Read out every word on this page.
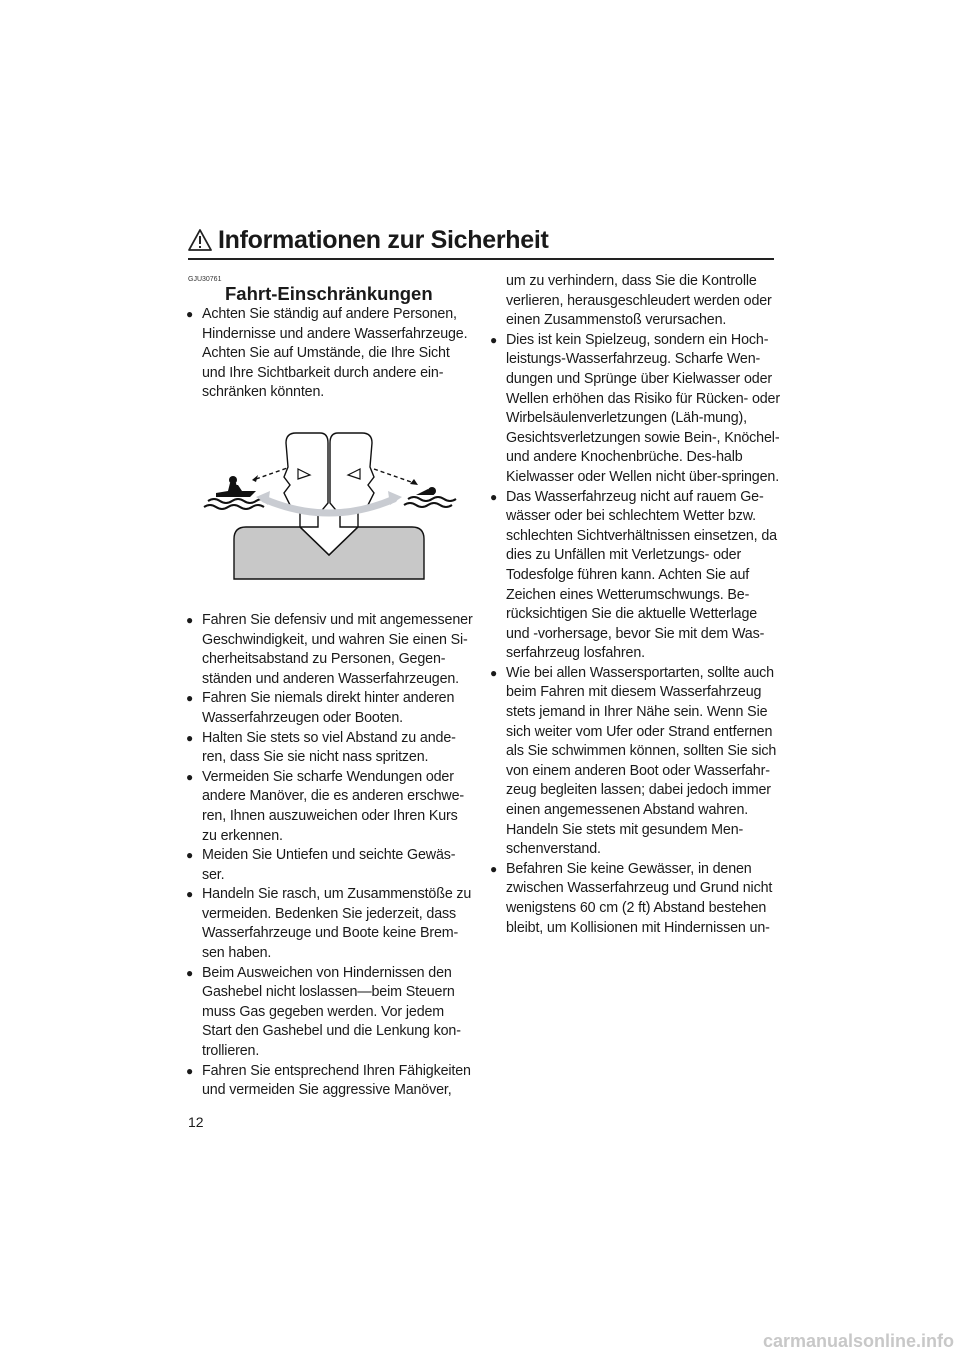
Informationen zur Sicherheit
GJU30761
Fahrt-Einschränkungen
● Achten Sie ständig auf andere Personen, Hindernisse und andere Wasserfahrzeuge. Achten Sie auf Umstände, die Ihre Sicht und Ihre Sichtbarkeit durch andere ein-schränken könnten.
● Fahren Sie defensiv und mit angemessener Geschwindigkeit, und wahren Sie einen Si-cherheitsabstand zu Personen, Gegen-ständen und anderen Wasserfahrzeugen.
● Fahren Sie niemals direkt hinter anderen Wasserfahrzeugen oder Booten.
● Halten Sie stets so viel Abstand zu ande-ren, dass Sie sie nicht nass spritzen.
● Vermeiden Sie scharfe Wendungen oder andere Manöver, die es anderen erschwe-ren, Ihnen auszuweichen oder Ihren Kurs zu erkennen.
● Meiden Sie Untiefen und seichte Gewäs-ser.
● Handeln Sie rasch, um Zusammenstöße zu vermeiden. Bedenken Sie jederzeit, dass Wasserfahrzeuge und Boote keine Brem-sen haben.
● Beim Ausweichen von Hindernissen den Gashebel nicht loslassen—beim Steuern muss Gas gegeben werden. Vor jedem Start den Gashebel und die Lenkung kon-trollieren.
● Fahren Sie entsprechend Ihren Fähigkeiten und vermeiden Sie aggressive Manöver,
um zu verhindern, dass Sie die Kontrolle verlieren, herausgeschleudert werden oder einen Zusammenstoß verursachen.
● Dies ist kein Spielzeug, sondern ein Hoch-leistungs-Wasserfahrzeug. Scharfe Wen-dungen und Sprünge über Kielwasser oder Wellen erhöhen das Risiko für Rücken- oder Wirbelsäulenverletzungen (Läh-mung), Gesichtsverletzungen sowie Bein-, Knöchel- und andere Knochenbrüche. Des-halb Kielwasser oder Wellen nicht über-springen.
● Das Wasserfahrzeug nicht auf rauem Ge-wässer oder bei schlechtem Wetter bzw. schlechten Sichtverhältnissen einsetzen, da dies zu Unfällen mit Verletzungs- oder Todesfolge führen kann. Achten Sie auf Zeichen eines Wetterumschwungs. Be-rücksichtigen Sie die aktuelle Wetterlage und -vorhersage, bevor Sie mit dem Was-serfahrzeug losfahren.
● Wie bei allen Wassersportarten, sollte auch beim Fahren mit diesem Wasserfahrzeug stets jemand in Ihrer Nähe sein. Wenn Sie sich weiter vom Ufer oder Strand entfernen als Sie schwimmen können, sollten Sie sich von einem anderen Boot oder Wasserfahr-zeug begleiten lassen; dabei jedoch immer einen angemessenen Abstand wahren. Handeln Sie stets mit gesundem Men-schenverstand.
● Befahren Sie keine Gewässer, in denen zwischen Wasserfahrzeug und Grund nicht wenigstens 60 cm (2 ft) Abstand bestehen bleibt, um Kollisionen mit Hindernissen un-
12
carmanualsonline.info
